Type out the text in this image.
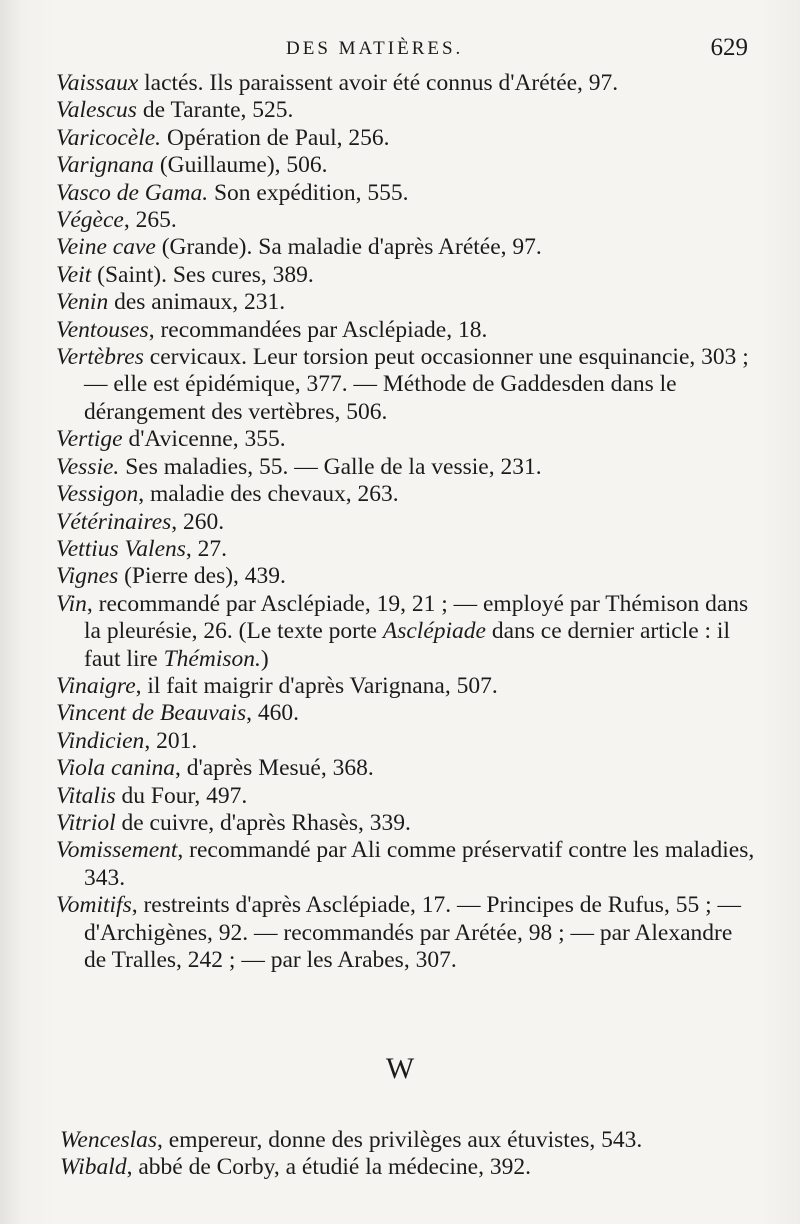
DES MATIÈRES.	629

Vaissaux lactés. Ils paraissent avoir été connus d'Arétée, 97.

Valescus de Tarante, 525.

Varicocèle. Opération de Paul, 256.

Varignana (Guillaume), 506.

Vasco de Gama. Son expédition, 555.

Végèce, 265.

Veine cave (Grande). Sa maladie d'après Arétée, 97.

Veit (Saint). Ses cures, 389.

Venin des animaux, 231.

Ventouses, recommandées par Asclépiade, 18.

Vertèbres cervicaux. Leur torsion peut occasionner une esquinancie, 303 ; — elle est épidémique, 377. — Méthode de Gaddesden dans le dérangement des vertèbres, 506.

Vertige d'Avicenne, 355.

Vessie. Ses maladies, 55. — Galle de la vessie, 231.

Vessigon, maladie des chevaux, 263.

Vétérinaires, 260.

Vettius Valens, 27.

Vignes (Pierre des), 439.

Vin, recommandé par Asclépiade, 19, 21 ; — employé par Thémison dans la pleurésie, 26. (Le texte porte Asclépiade dans ce dernier article : il faut lire Thémison.)

Vinaigre, il fait maigrir d'après Varignana, 507.

Vincent de Beauvais, 460.

Vindicien, 201.

Viola canina, d'après Mesué, 368.

Vitalis du Four, 497.

Vitriol de cuivre, d'après Rhasès, 339.

Vomissement, recommandé par Ali comme préservatif contre les maladies, 343.

Vomitifs, restreints d'après Asclépiade, 17. — Principes de Rufus, 55 ; — d'Archigènes, 92. — recommandés par Arétée, 98 ; — par Alexandre de Tralles, 242 ; — par les Arabes, 307.

W

Wenceslas, empereur, donne des privilèges aux étuvistes, 543.

Wibald, abbé de Corby, a étudié la médecine, 392.
